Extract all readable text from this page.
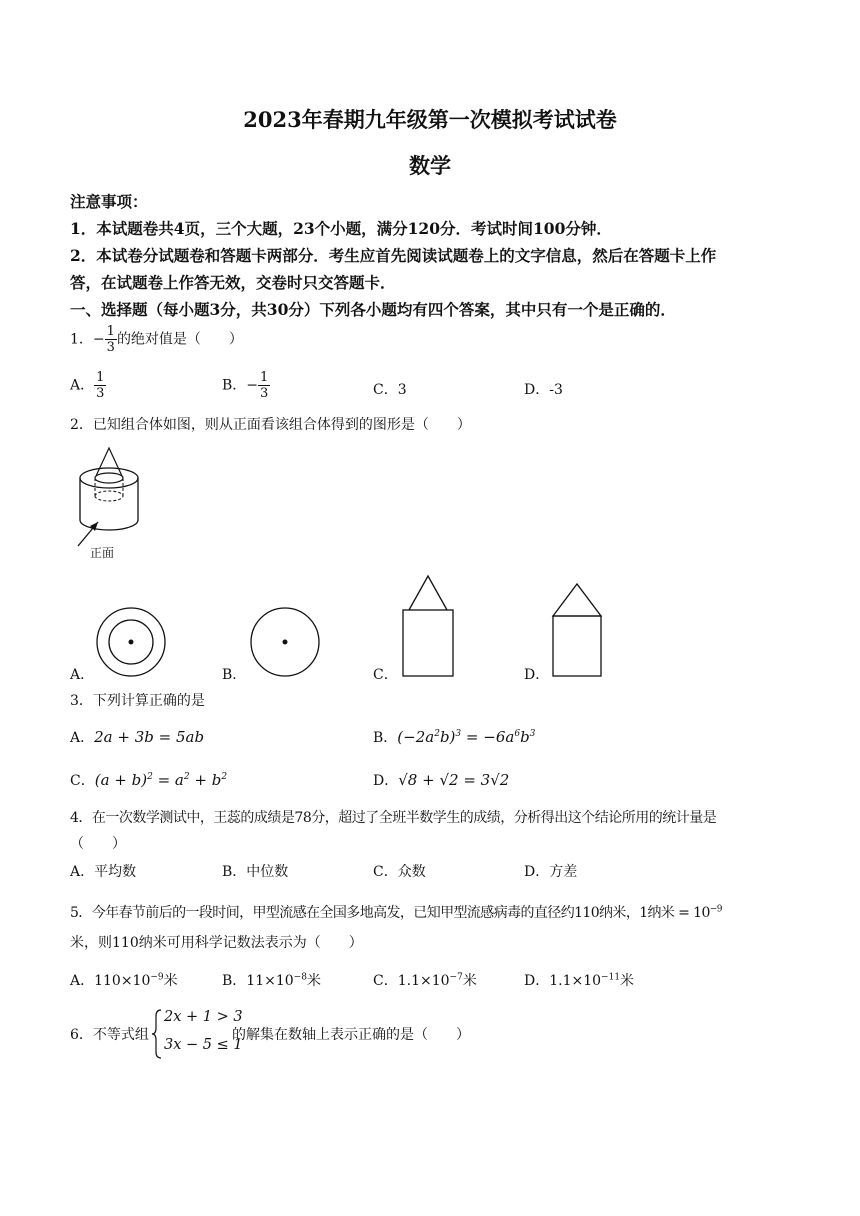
2023年春期九年级第一次模拟考试试卷
数学
注意事项：
1．本试题卷共4页，三个大题，23个小题，满分120分．考试时间100分钟．
2．本试卷分试题卷和答题卡两部分．考生应首先阅读试题卷上的文字信息，然后在答题卡上作
答，在试题卷上作答无效，交卷时只交答题卡．
一、选择题（每小题3分，共30分）下列各小题均有四个答案，其中只有一个是正确的．
1．− $\frac{1}{3}$ 的绝对值是（　　）
A． $\frac{1}{3}$	B．− $\frac{1}{3}$	C．3	D．-3
2．已知组合体如图，则从正面看该组合体得到的图形是（　　）
正面
A．	B．	C．	D．
3．下列计算正确的是
A．2a + 3b = 5ab	B．$(-2a^2b)^3 = -6a^6b^3$
C．$(a + b)^2 = a^2 + b^2$	D．√8 + √2 = 3√2
4．在一次数学测试中，王蕊的成绩是78分，超过了全班半数学生的成绩，分析得出这个结论所用的统计量是
（　　）
A．平均数	B．中位数	C．众数	D．方差
5．今年春节前后的一段时间，甲型流感在全国多地高发，已知甲型流感病毒的直径约110纳米，1纳米 = $10^{-9}$
米，则110纳米可用科学记数法表示为（　　）
A．$110\times 10^{-9}$米	B．$11\times 10^{-8}$米	C．$1.1\times 10^{-7}$米	D．$1.1\times 10^{-11}$米
6．不等式组
2x + 1 > 3
3x − 5 ≤ 1
的解集在数轴上表示正确的是（　　）
